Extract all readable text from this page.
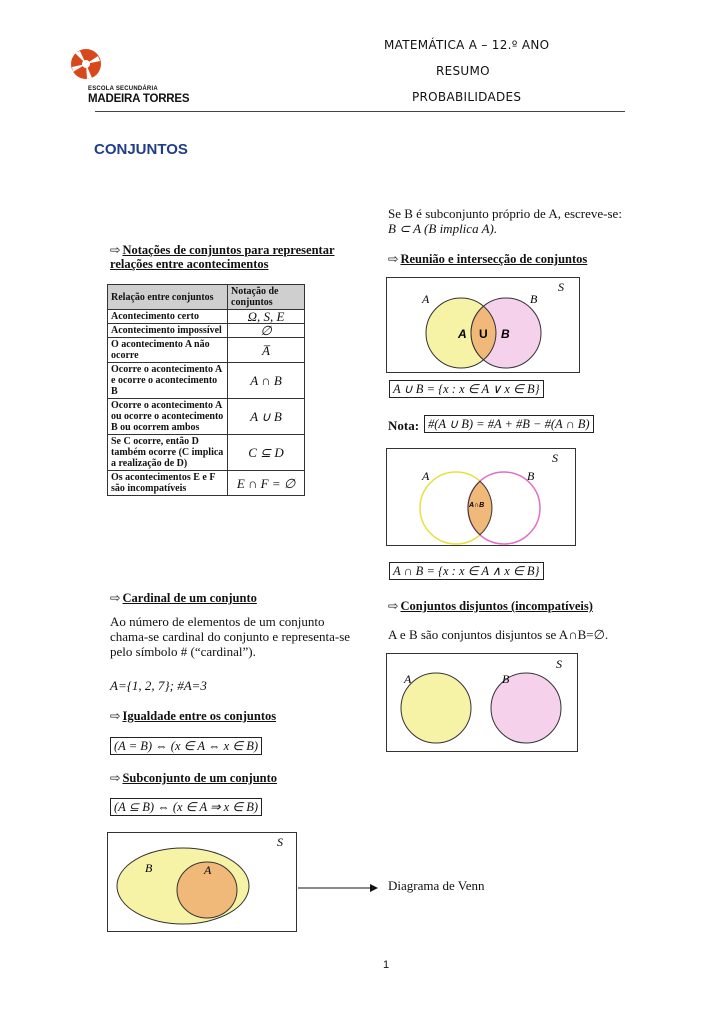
ESCOLA SECUNDÁRIA
MADEIRA TORRES
MATEMÁTICA A – 12.º ANO
RESUMO
PROBABILIDADES
CONJUNTOS
⇨ Notações de conjuntos para representar
relações entre acontecimentos
Relação entre conjuntos	Notação de conjuntos
Acontecimento certo	Ω, S, E
Acontecimento impossível	∅
O acontecimento A não ocorre	A̅
Ocorre o acontecimento A e ocorre o acontecimento B	A ∩ B
Ocorre o acontecimento A ou ocorre o acontecimento B ou ocorrem ambos	A ∪ B
Se C ocorre, então D também ocorre (C implica a realização de D)	C ⊆ D
Os acontecimentos E e F são incompatíveis	E ∩ F = ∅
⇨ Cardinal de um conjunto
Ao número de elementos de um conjunto chama-se cardinal do conjunto e representa-se pelo símbolo # (“cardinal”).
A={1, 2, 7}; #A=3
⇨ Igualdade entre os conjuntos
(A = B) ⇔ (x ∈ A ⇔ x ∈ B)
⇨ Subconjunto de um conjunto
(A ⊆ B) ⇔ (x ∈ A ⇒ x ∈ B)
S
B	A
Diagrama de Venn
Se B é subconjunto próprio de A, escreve-se:
B ⊂ A (B implica A).
⇨ Reunião e intersecção de conjuntos
S
A	B
A U B
A ∪ B = {x : x ∈ A ∨ x ∈ B}
Nota: #(A ∪ B) = #A + #B − #(A ∩ B)
S
A	B
A∩B
A ∩ B = {x : x ∈ A ∧ x ∈ B}
⇨ Conjuntos disjuntos (incompatíveis)
A e B são conjuntos disjuntos se A∩B=∅.
S
A	B
1
